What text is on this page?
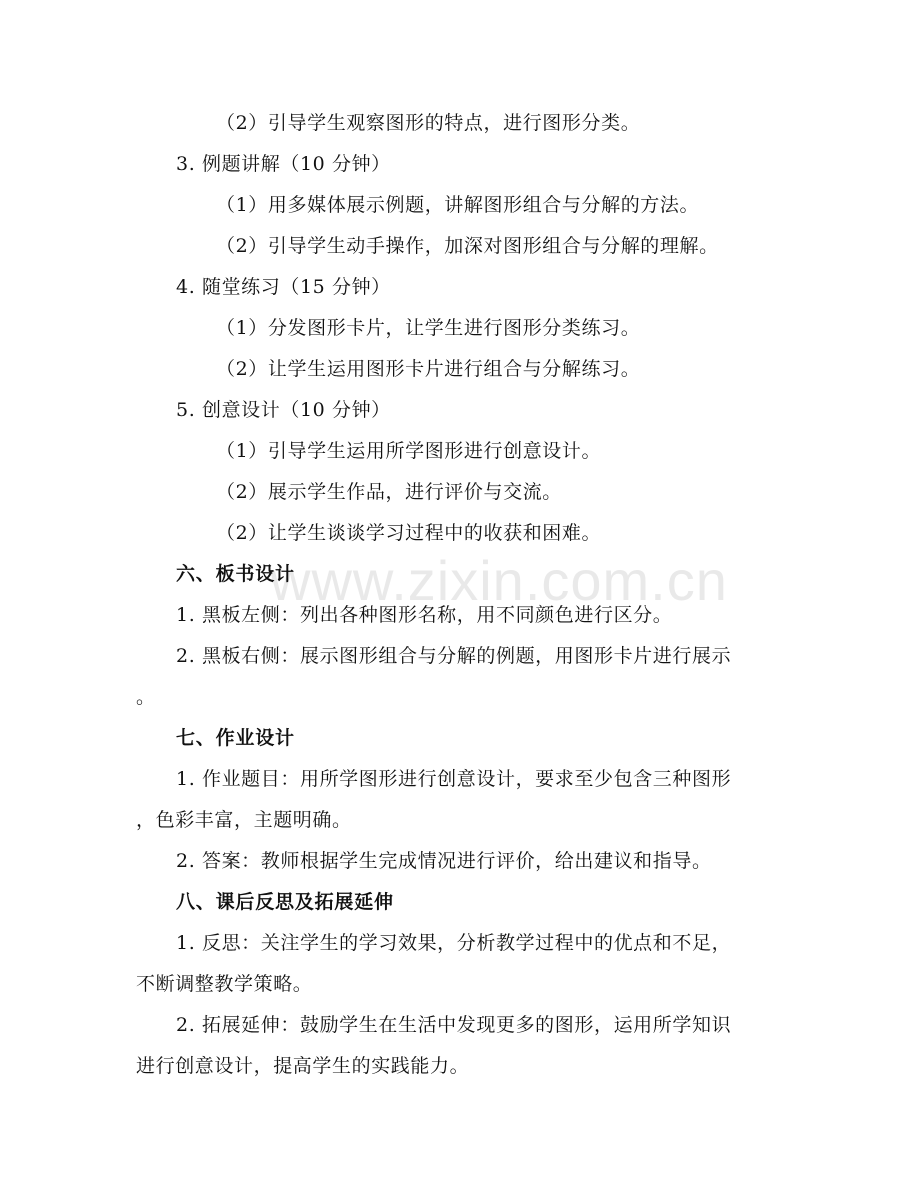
www.zixin.com.cn
（2）引导学生观察图形的特点，进行图形分类。
3. 例题讲解（10 分钟）
（1）用多媒体展示例题，讲解图形组合与分解的方法。
（2）引导学生动手操作，加深对图形组合与分解的理解。
4. 随堂练习（15 分钟）
（1）分发图形卡片，让学生进行图形分类练习。
（2）让学生运用图形卡片进行组合与分解练习。
5. 创意设计（10 分钟）
（1）引导学生运用所学图形进行创意设计。
（2）展示学生作品，进行评价与交流。
（2）让学生谈谈学习过程中的收获和困难。
六、板书设计
1. 黑板左侧：列出各种图形名称，用不同颜色进行区分。
2. 黑板右侧：展示图形组合与分解的例题，用图形卡片进行展示
。
七、作业设计
1. 作业题目：用所学图形进行创意设计，要求至少包含三种图形
，色彩丰富，主题明确。
2. 答案：教师根据学生完成情况进行评价，给出建议和指导。
八、课后反思及拓展延伸
1. 反思：关注学生的学习效果，分析教学过程中的优点和不足，
不断调整教学策略。
2. 拓展延伸：鼓励学生在生活中发现更多的图形，运用所学知识
进行创意设计，提高学生的实践能力。
